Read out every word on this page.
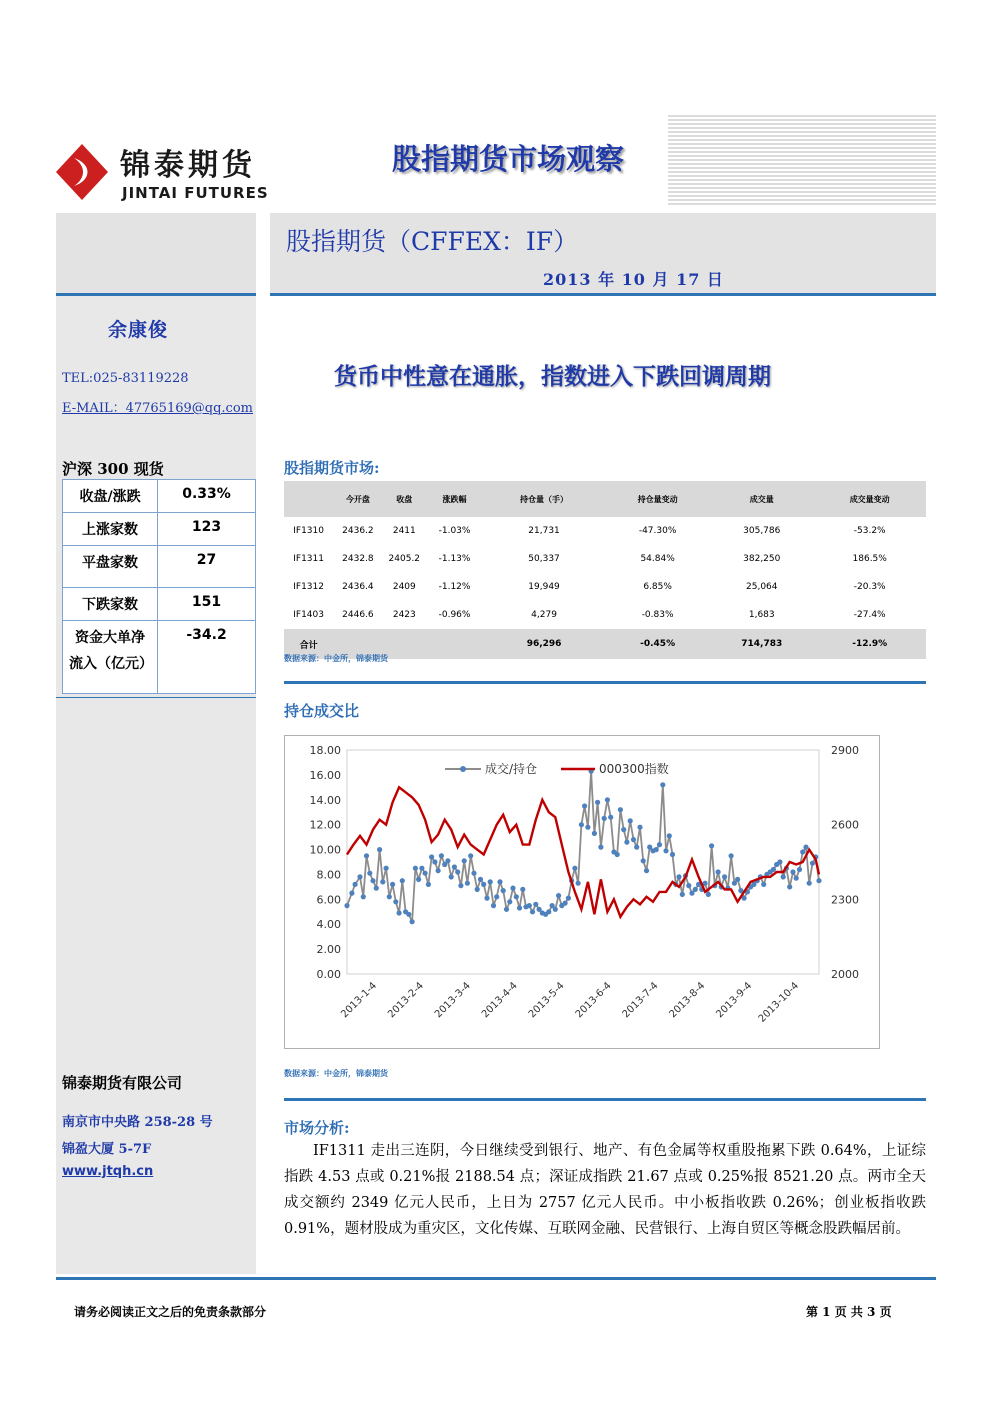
锦泰期货
JINTAI FUTURES
股指期货市场观察
股指期货（CFFEX：IF）
2013 年 10 月 17 日
余康俊
TEL:025-83119228
E-MAIL：47765169@qq.com
沪深 300 现货
收盘/涨跌	0.33%
上涨家数	123
平盘家数	27
下跌家数	151
资金大单净流入（亿元）	-34.2
锦泰期货有限公司
南京市中央路 258-28 号
锦盈大厦 5-7F
www.jtqh.cn
货币中性意在通胀，指数进入下跌回调周期
股指期货市场:
	今开盘	收盘	涨跌幅	持仓量（手）	持仓量变动	成交量	成交量变动
IF1310	2436.2	2411	-1.03%	21,731	-47.30%	305,786	-53.2%
IF1311	2432.8	2405.2	-1.13%	50,337	54.84%	382,250	186.5%
IF1312	2436.4	2409	-1.12%	19,949	6.85%	25,064	-20.3%
IF1403	2446.6	2423	-0.96%	4,279	-0.83%	1,683	-27.4%
合计				96,296	-0.45%	714,783	-12.9%
数据来源：中金所，锦泰期货
持仓成交比
0.00
2.00
4.00
6.00
8.00
10.00
12.00
14.00
16.00
18.00
2000
2300
2600
2900
2013-1-4 2013-2-4 2013-3-4 2013-4-4 2013-5-4 2013-6-4 2013-7-4 2013-8-4 2013-9-4 2013-10-4
成交/持仓	000300指数
数据来源：中金所，锦泰期货
市场分析:
IF1311 走出三连阴，今日继续受到银行、地产、有色金属等权重股拖累下跌 0.64%，上证综指跌 4.53 点或 0.21%报 2188.54 点；深证成指跌 21.67 点或 0.25%报 8521.20 点。两市全天成交额约 2349 亿元人民币，上日为 2757 亿元人民币。中小板指收跌 0.26%；创业板指收跌 0.91%，题材股成为重灾区，文化传媒、互联网金融、民营银行、上海自贸区等概念股跌幅居前。
请务必阅读正文之后的免责条款部分	第 1 页 共 3 页
